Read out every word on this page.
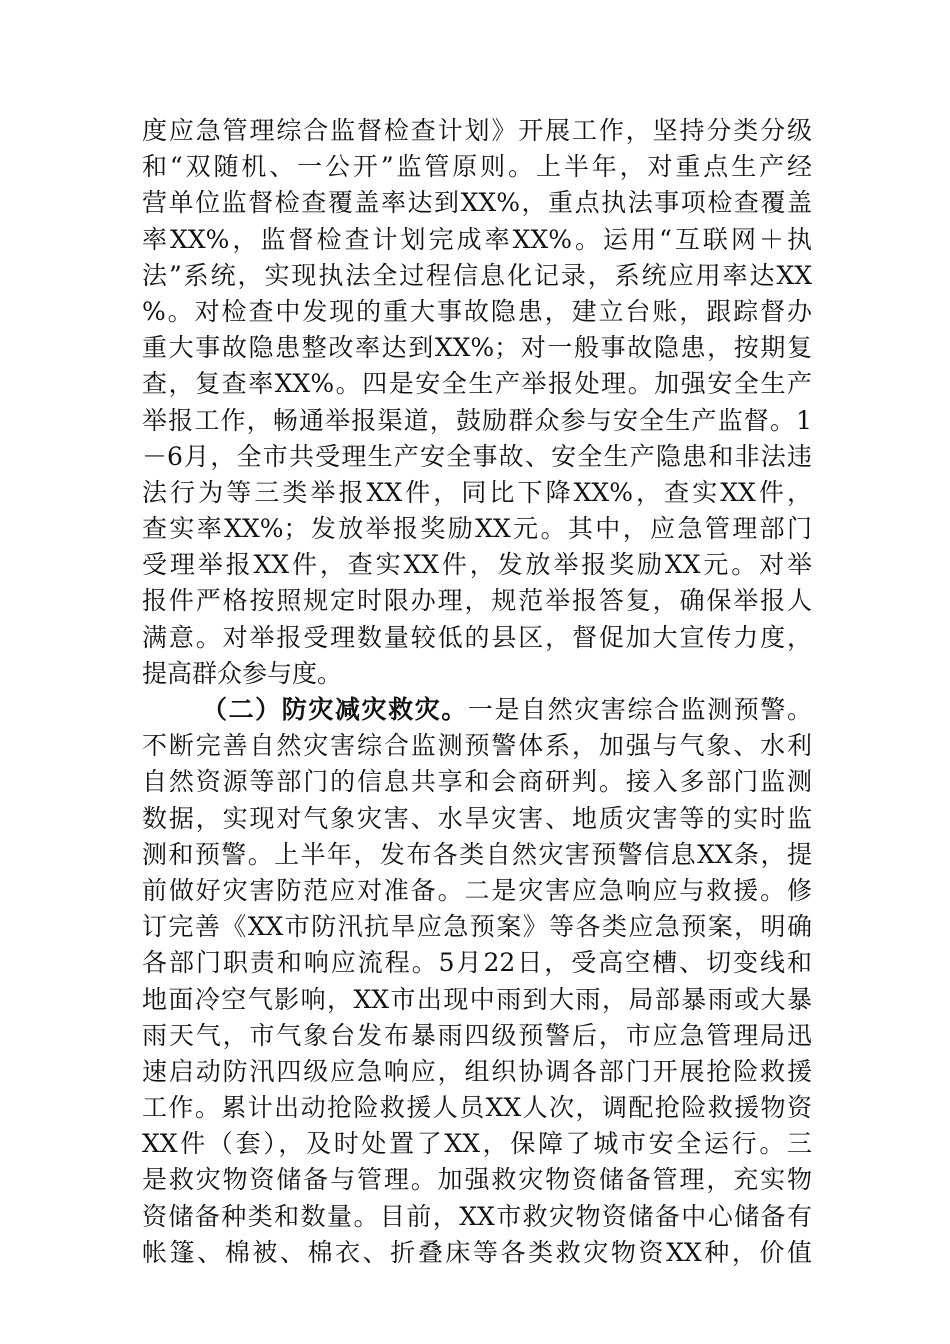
度应急管理综合监督检查计划》开展工作，坚持分类分级
和“双随机、一公开”监管原则。上半年，对重点生产经
营单位监督检查覆盖率达到XX%，重点执法事项检查覆盖
率XX%，监督检查计划完成率XX%。运用“互联网＋执
法”系统，实现执法全过程信息化记录，系统应用率达XX
%。对检查中发现的重大事故隐患，建立台账，跟踪督办
重大事故隐患整改率达到XX%；对一般事故隐患，按期复
查，复查率XX%。四是安全生产举报处理。加强安全生产
举报工作，畅通举报渠道，鼓励群众参与安全生产监督。1
－6月，全市共受理生产安全事故、安全生产隐患和非法违
法行为等三类举报XX件，同比下降XX%，查实XX件，
查实率XX%；发放举报奖励XX元。其中，应急管理部门
受理举报XX件，查实XX件，发放举报奖励XX元。对举
报件严格按照规定时限办理，规范举报答复，确保举报人
满意。对举报受理数量较低的县区，督促加大宣传力度，
提高群众参与度。
（二）防灾减灾救灾。一是自然灾害综合监测预警。
不断完善自然灾害综合监测预警体系，加强与气象、水利
自然资源等部门的信息共享和会商研判。接入多部门监测
数据，实现对气象灾害、水旱灾害、地质灾害等的实时监
测和预警。上半年，发布各类自然灾害预警信息XX条，提
前做好灾害防范应对准备。二是灾害应急响应与救援。修
订完善《XX市防汛抗旱应急预案》等各类应急预案，明确
各部门职责和响应流程。5月22日，受高空槽、切变线和
地面冷空气影响，XX市出现中雨到大雨，局部暴雨或大暴
雨天气，市气象台发布暴雨四级预警后，市应急管理局迅
速启动防汛四级应急响应，组织协调各部门开展抢险救援
工作。累计出动抢险救援人员XX人次，调配抢险救援物资
XX件（套），及时处置了XX，保障了城市安全运行。三
是救灾物资储备与管理。加强救灾物资储备管理，充实物
资储备种类和数量。目前，XX市救灾物资储备中心储备有
帐篷、棉被、棉衣、折叠床等各类救灾物资XX种，价值
